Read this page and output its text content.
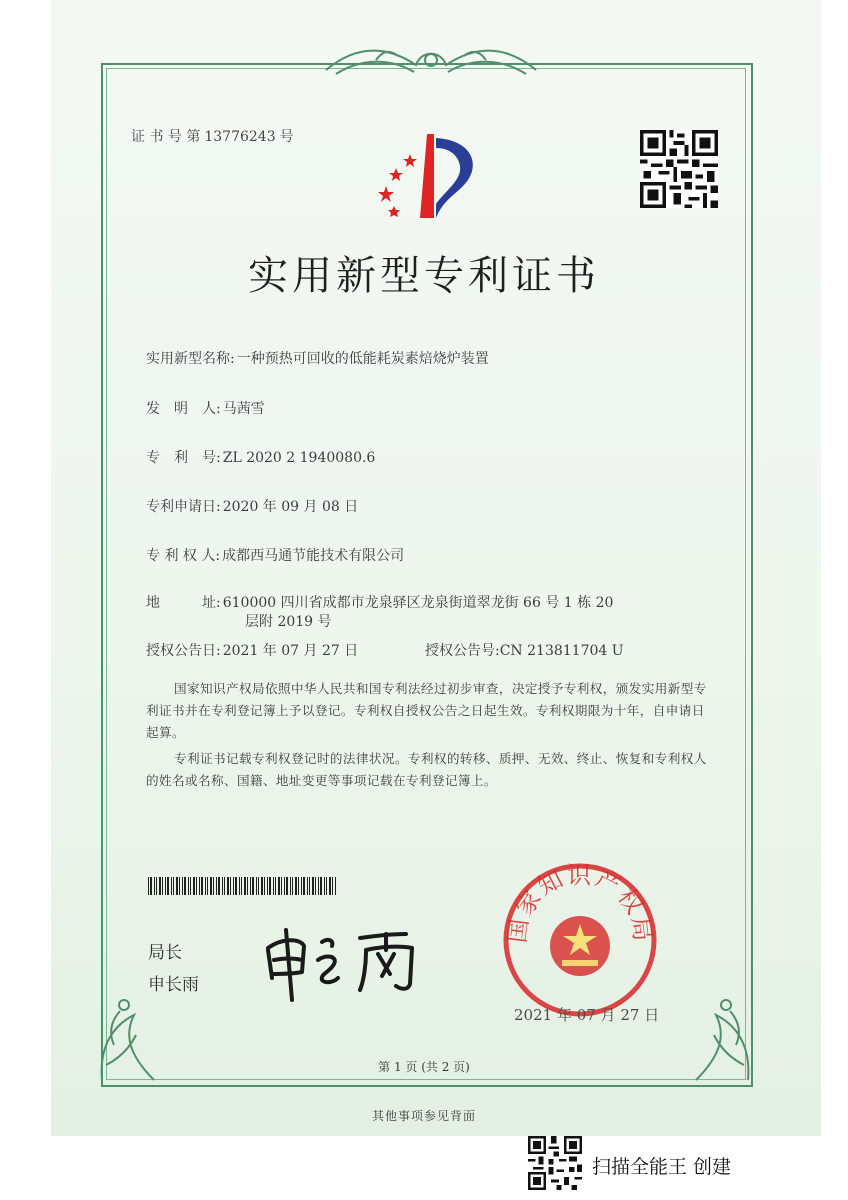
证 书 号 第 13776243 号
实用新型专利证书
实用新型名称: 一种预热可回收的低能耗炭素焙烧炉装置
发　明　人: 马茜雪
专　利　号: ZL 2020 2 1940080.6
专利申请日: 2020 年 09 月 08 日
专 利 权 人: 成都西马通节能技术有限公司
地　　　址: 610000 四川省成都市龙泉驿区龙泉街道翠龙街 66 号 1 栋 20
层附 2019 号
授权公告日: 2021 年 07 月 27 日	授权公告号:CN 213811704 U
国家知识产权局依照中华人民共和国专利法经过初步审查，决定授予专利权，颁发实用新型专利证书并在专利登记簿上予以登记。专利权自授权公告之日起生效。专利权期限为十年，自申请日起算。
专利证书记载专利权登记时的法律状况。专利权的转移、质押、无效、终止、恢复和专利权人的姓名或名称、国籍、地址变更等事项记载在专利登记簿上。
局长
申长雨
国家知识产权局
2021 年 07 月 27 日
第 1 页 (共 2 页)
其他事项参见背面
扫描全能王 创建
